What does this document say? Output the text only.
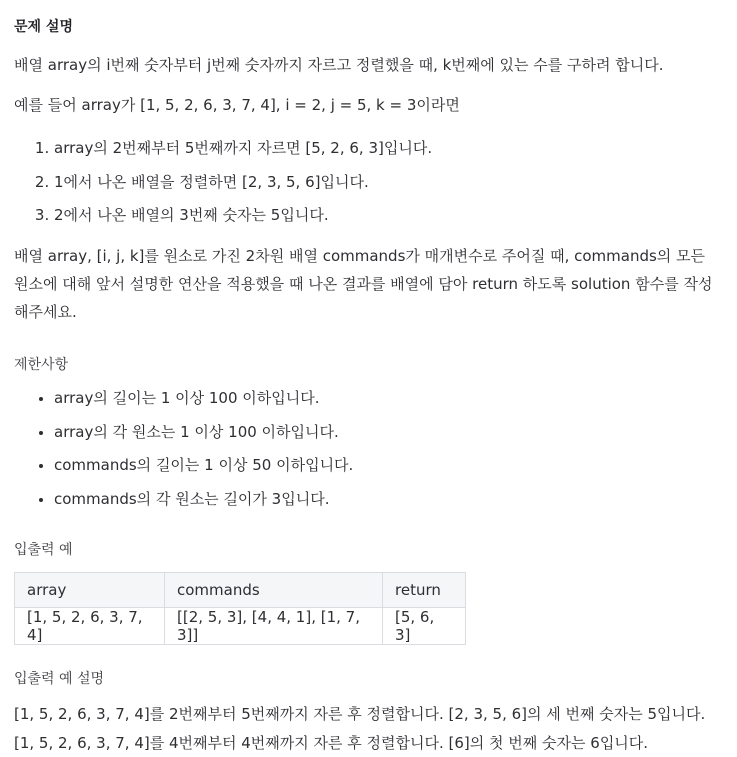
문제 설명

배열 array의 i번째 숫자부터 j번째 숫자까지 자르고 정렬했을 때, k번째에 있는 수를 구하려 합니다.

예를 들어 array가 [1, 5, 2, 6, 3, 7, 4], i = 2, j = 5, k = 3이라면

1. array의 2번째부터 5번째까지 자르면 [5, 2, 6, 3]입니다.
2. 1에서 나온 배열을 정렬하면 [2, 3, 5, 6]입니다.
3. 2에서 나온 배열의 3번째 숫자는 5입니다.

배열 array, [i, j, k]를 원소로 가진 2차원 배열 commands가 매개변수로 주어질 때, commands의 모든 원소에 대해 앞서 설명한 연산을 적용했을 때 나온 결과를 배열에 담아 return 하도록 solution 함수를 작성해주세요.

제한사항

• array의 길이는 1 이상 100 이하입니다.
• array의 각 원소는 1 이상 100 이하입니다.
• commands의 길이는 1 이상 50 이하입니다.
• commands의 각 원소는 길이가 3입니다.

입출력 예

array	commands	return
[1, 5, 2, 6, 3, 7, 4]	[[2, 5, 3], [4, 4, 1], [1, 7, 3]]	[5, 6, 3]

입출력 예 설명

[1, 5, 2, 6, 3, 7, 4]를 2번째부터 5번째까지 자른 후 정렬합니다. [2, 3, 5, 6]의 세 번째 숫자는 5입니다.

[1, 5, 2, 6, 3, 7, 4]를 4번째부터 4번째까지 자른 후 정렬합니다. [6]의 첫 번째 숫자는 6입니다.
